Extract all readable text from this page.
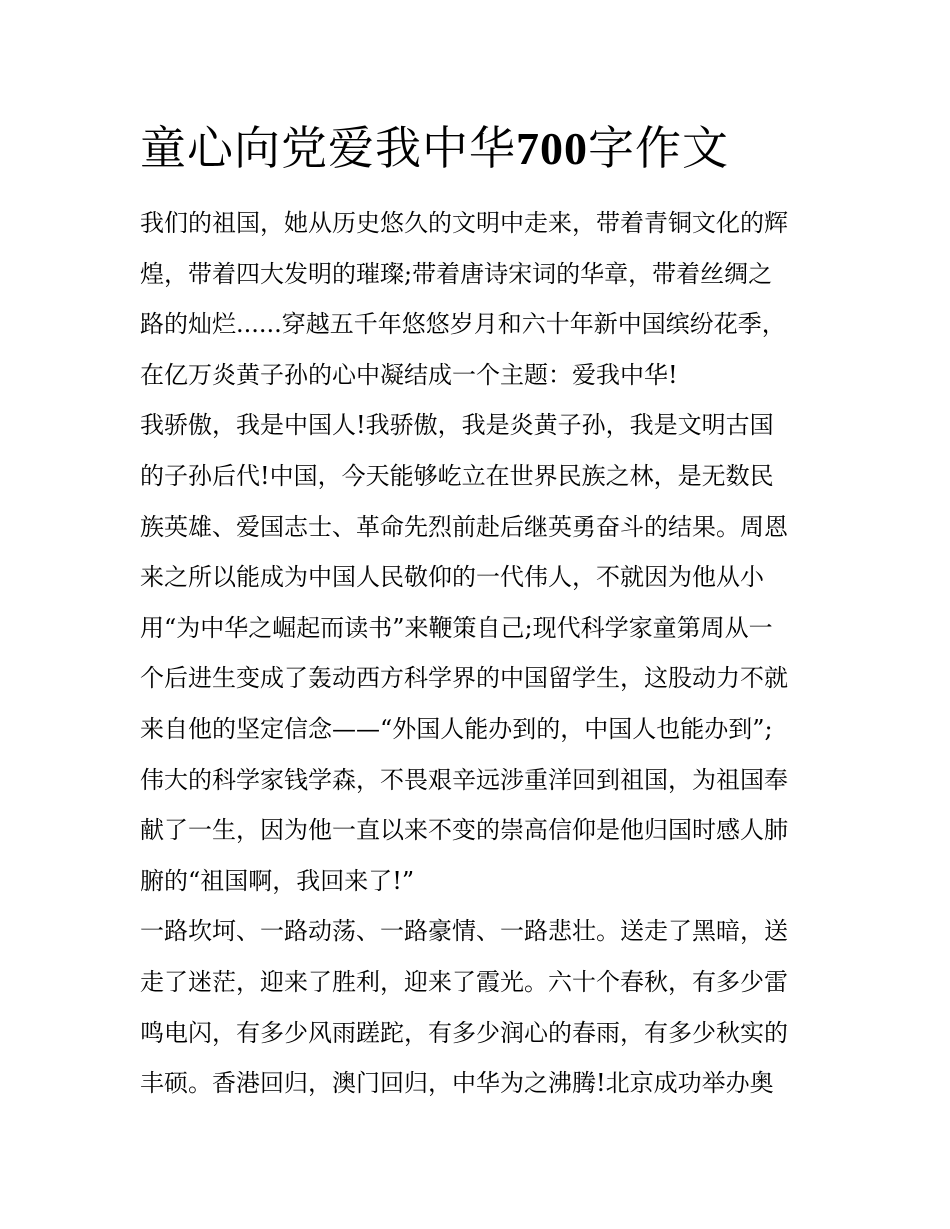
童心向党爱我中华700字作文
我们的祖国，她从历史悠久的文明中走来，带着青铜文化的辉
煌，带着四大发明的璀璨;带着唐诗宋词的华章，带着丝绸之
路的灿烂......穿越五千年悠悠岁月和六十年新中国缤纷花季，
在亿万炎黄子孙的心中凝结成一个主题：爱我中华!
我骄傲，我是中国人!我骄傲，我是炎黄子孙，我是文明古国
的子孙后代!中国，今天能够屹立在世界民族之林，是无数民
族英雄、爱国志士、革命先烈前赴后继英勇奋斗的结果。周恩
来之所以能成为中国人民敬仰的一代伟人，不就因为他从小
用“为中华之崛起而读书”来鞭策自己;现代科学家童第周从一
个后进生变成了轰动西方科学界的中国留学生，这股动力不就
来自他的坚定信念——“外国人能办到的，中国人也能办到”;
伟大的科学家钱学森，不畏艰辛远涉重洋回到祖国，为祖国奉
献了一生，因为他一直以来不变的崇高信仰是他归国时感人肺
腑的“祖国啊，我回来了!”
一路坎坷、一路动荡、一路豪情、一路悲壮。送走了黑暗，送
走了迷茫，迎来了胜利，迎来了霞光。六十个春秋，有多少雷
鸣电闪，有多少风雨蹉跎，有多少润心的春雨，有多少秋实的
丰硕。香港回归，澳门回归，中华为之沸腾!北京成功举办奥
